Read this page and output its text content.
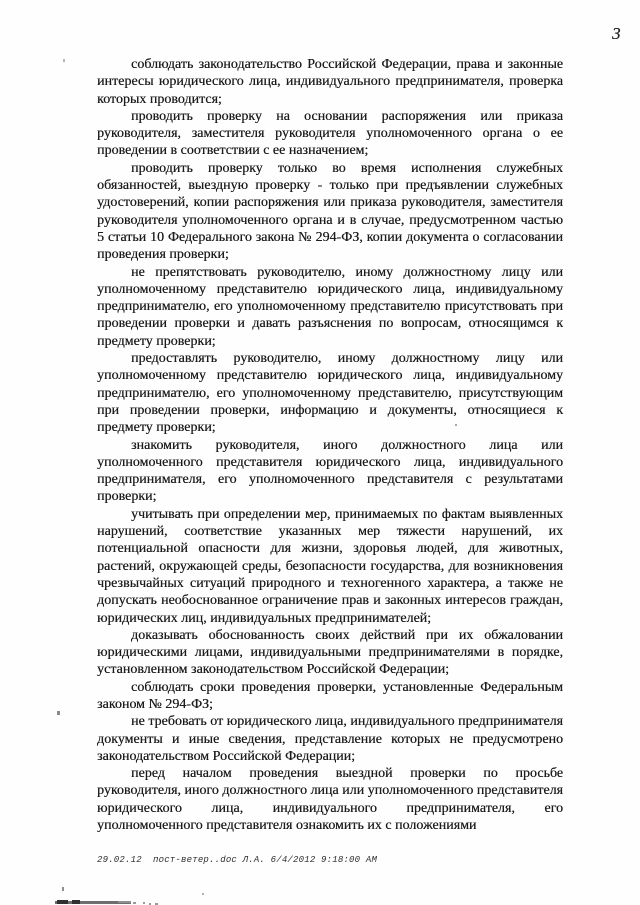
3

соблюдать законодательство Российской Федерации, права и законные интересы юридического лица, индивидуального предпринимателя, проверка которых проводится;

проводить проверку на основании распоряжения или приказа руководителя, заместителя руководителя уполномоченного органа о ее проведении в соответствии с ее назначением;

проводить проверку только во время исполнения служебных обязанностей, выездную проверку - только при предъявлении служебных удостоверений, копии распоряжения или приказа руководителя, заместителя руководителя уполномоченного органа и в случае, предусмотренном частью 5 статьи 10 Федерального закона № 294-ФЗ, копии документа о согласовании проведения проверки;

не препятствовать руководителю, иному должностному лицу или уполномоченному представителю юридического лица, индивидуальному предпринимателю, его уполномоченному представителю присутствовать при проведении проверки и давать разъяснения по вопросам, относящимся к предмету проверки;

предоставлять руководителю, иному должностному лицу или уполномоченному представителю юридического лица, индивидуальному предпринимателю, его уполномоченному представителю, присутствующим при проведении проверки, информацию и документы, относящиеся к предмету проверки;

знакомить руководителя, иного должностного лица или уполномоченного представителя юридического лица, индивидуального предпринимателя, его уполномоченного представителя с результатами проверки;

учитывать при определении мер, принимаемых по фактам выявленных нарушений, соответствие указанных мер тяжести нарушений, их потенциальной опасности для жизни, здоровья людей, для животных, растений, окружающей среды, безопасности государства, для возникновения чрезвычайных ситуаций природного и техногенного характера, а также не допускать необоснованное ограничение прав и законных интересов граждан, юридических лиц, индивидуальных предпринимателей;

доказывать обоснованность своих действий при их обжаловании юридическими лицами, индивидуальными предпринимателями в порядке, установленном законодательством Российской Федерации;

соблюдать сроки проведения проверки, установленные Федеральным законом № 294-ФЗ;

не требовать от юридического лица, индивидуального предпринимателя документы и иные сведения, представление которых не предусмотрено законодательством Российской Федерации;

перед началом проведения выездной проверки по просьбе руководителя, иного должностного лица или уполномоченного представителя юридического лица, индивидуального предпринимателя, его уполномоченного представителя ознакомить их с положениями

29.02.12  пост-ветер..doc Л.А. 6/4/2012 9:18:00 AM
